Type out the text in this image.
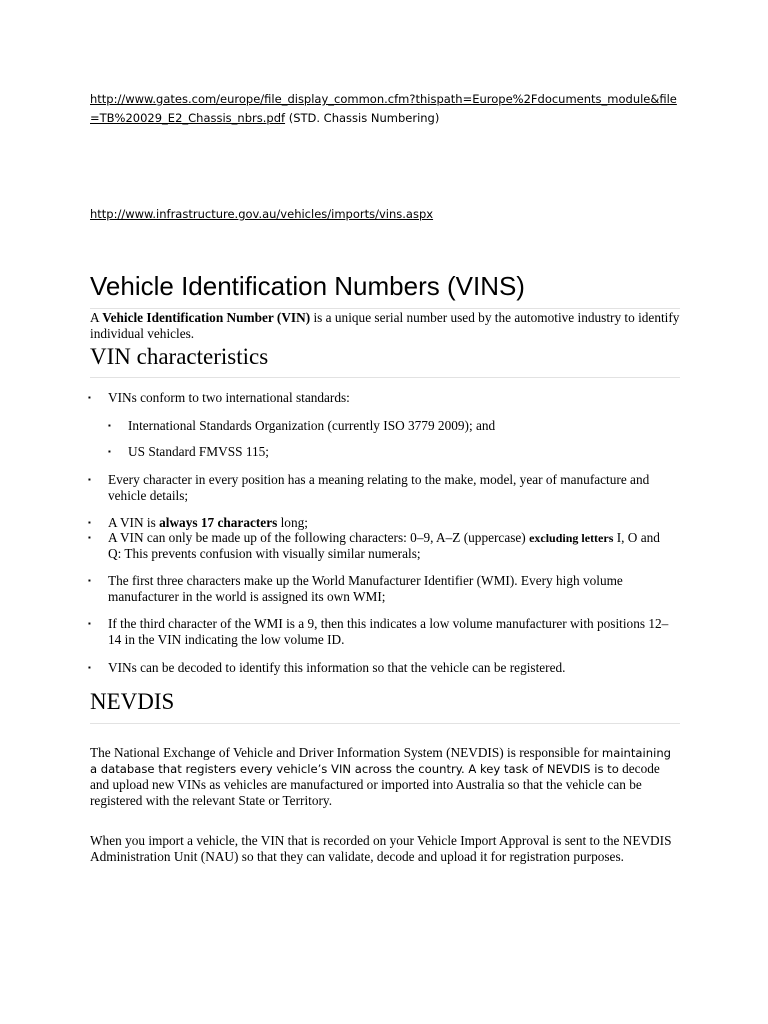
http://www.gates.com/europe/file_display_common.cfm?thispath=Europe%2Fdocuments_module&file
=TB%20029_E2_Chassis_nbrs.pdf (STD. Chassis Numbering)
http://www.infrastructure.gov.au/vehicles/imports/vins.aspx
Vehicle Identification Numbers (VINS)

A Vehicle Identification Number (VIN) is a unique serial number used by the automotive industry to identify individual vehicles.

VIN characteristics
▪ VINs conform to two international standards:
▪ International Standards Organization (currently ISO 3779 2009); and
▪ US Standard FMVSS 115;
▪ Every character in every position has a meaning relating to the make, model, year of manufacture and vehicle details;
▪ A VIN is always 17 characters long;
▪ A VIN can only be made up of the following characters: 0–9, A–Z (uppercase) excluding letters I, O and Q: This prevents confusion with visually similar numerals;
▪ The first three characters make up the World Manufacturer Identifier (WMI). Every high volume manufacturer in the world is assigned its own WMI;
▪ If the third character of the WMI is a 9, then this indicates a low volume manufacturer with positions 12–14 in the VIN indicating the low volume ID.
▪ VINs can be decoded to identify this information so that the vehicle can be registered.
NEVDIS

The National Exchange of Vehicle and Driver Information System (NEVDIS) is responsible for maintaining a database that registers every vehicle’s VIN across the country. A key task of NEVDIS is to decode and upload new VINs as vehicles are manufactured or imported into Australia so that the vehicle can be registered with the relevant State or Territory.

When you import a vehicle, the VIN that is recorded on your Vehicle Import Approval is sent to the NEVDIS Administration Unit (NAU) so that they can validate, decode and upload it for registration purposes.
